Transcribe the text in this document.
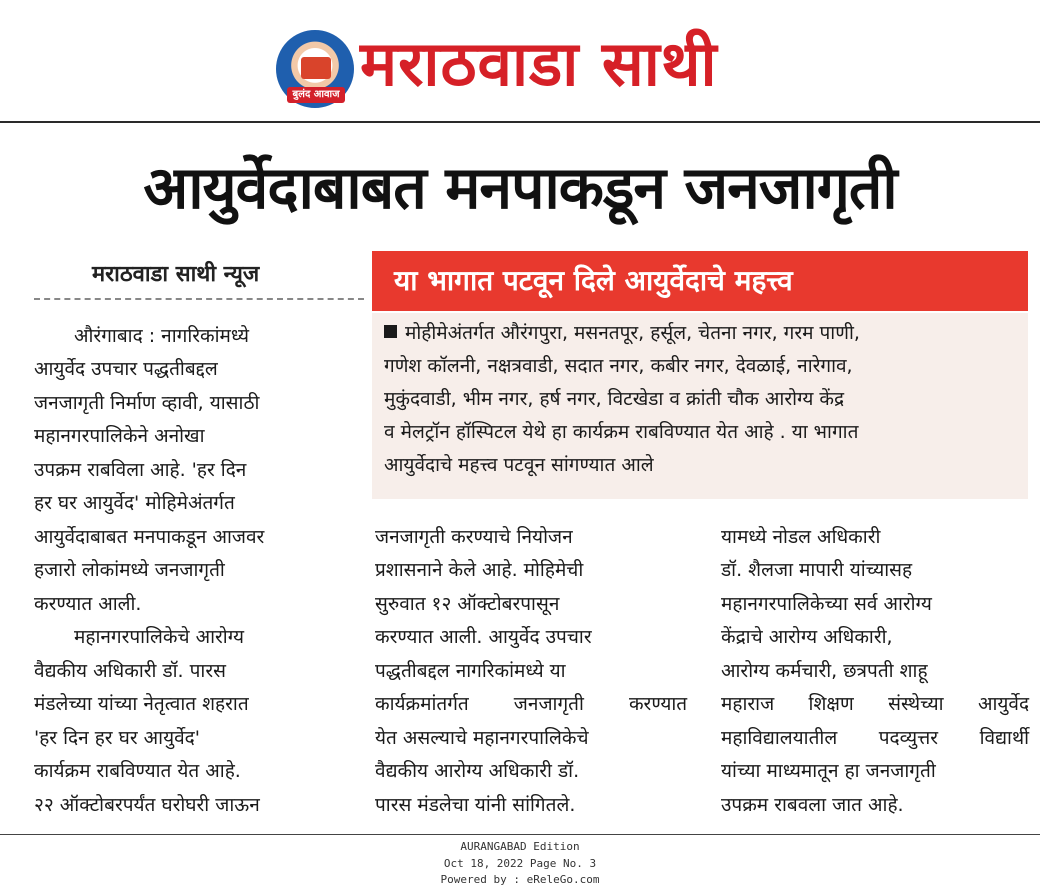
बुलंद आवाज मराठवाडा साथी
आयुर्वेदाबाबत मनपाकडून जनजागृती
मराठवाडा साथी न्यूज	या भागात पटवून दिले आयुर्वेदाचे महत्त्व
मोहीमेअंतर्गत औरंगपुरा, मसनतपूर, हर्सूल, चेतना नगर, गरम पाणी,
गणेश कॉलनी, नक्षत्रवाडी, सदात नगर, कबीर नगर, देवळाई, नारेगाव,
मुकुंदवाडी, भीम नगर, हर्ष नगर, विटखेडा व क्रांती चौक आरोग्य केंद्र
व मेलट्रॉन हॉस्पिटल येथे हा कार्यक्रम राबविण्यात येत आहे . या भागात
आयुर्वेदाचे महत्त्व पटवून सांगण्यात आले
औरंगाबाद : नागरिकांमध्ये
आयुर्वेद उपचार पद्धतीबद्दल
जनजागृती निर्माण व्हावी, यासाठी
महानगरपालिकेने अनोखा
उपक्रम राबविला आहे. 'हर दिन
हर घर आयुर्वेद' मोहिमेअंतर्गत
आयुर्वेदाबाबत मनपाकडून आजवर
हजारो लोकांमध्ये जनजागृती
करण्यात आली.
महानगरपालिकेचे आरोग्य
वैद्यकीय अधिकारी डॉ. पारस
मंडलेच्या यांच्या नेतृत्वात शहरात
'हर दिन हर घर आयुर्वेद'
कार्यक्रम राबविण्यात येत आहे.
२२ ऑक्टोबरपर्यंत घरोघरी जाऊन
जनजागृती करण्याचे नियोजन
प्रशासनाने केले आहे. मोहिमेची
सुरुवात १२ ऑक्टोबरपासून
करण्यात आली. आयुर्वेद उपचार
पद्धतीबद्दल नागरिकांमध्ये या
कार्यक्रमांतर्गत जनजागृती करण्यात
येत असल्याचे महानगरपालिकेचे
वैद्यकीय आरोग्य अधिकारी डॉ.
पारस मंडलेचा यांनी सांगितले.
यामध्ये नोडल अधिकारी
डॉ. शैलजा मापारी यांच्यासह
महानगरपालिकेच्या सर्व आरोग्य
केंद्राचे आरोग्य अधिकारी,
आरोग्य कर्मचारी, छत्रपती शाहू
महाराज शिक्षण संस्थेच्या आयुर्वेद
महाविद्यालयातील पदव्युत्तर विद्यार्थी
यांच्या माध्यमातून हा जनजागृती
उपक्रम राबवला जात आहे.
AURANGABAD Edition
Oct 18, 2022 Page No. 3
Powered by : eReleGo.com
